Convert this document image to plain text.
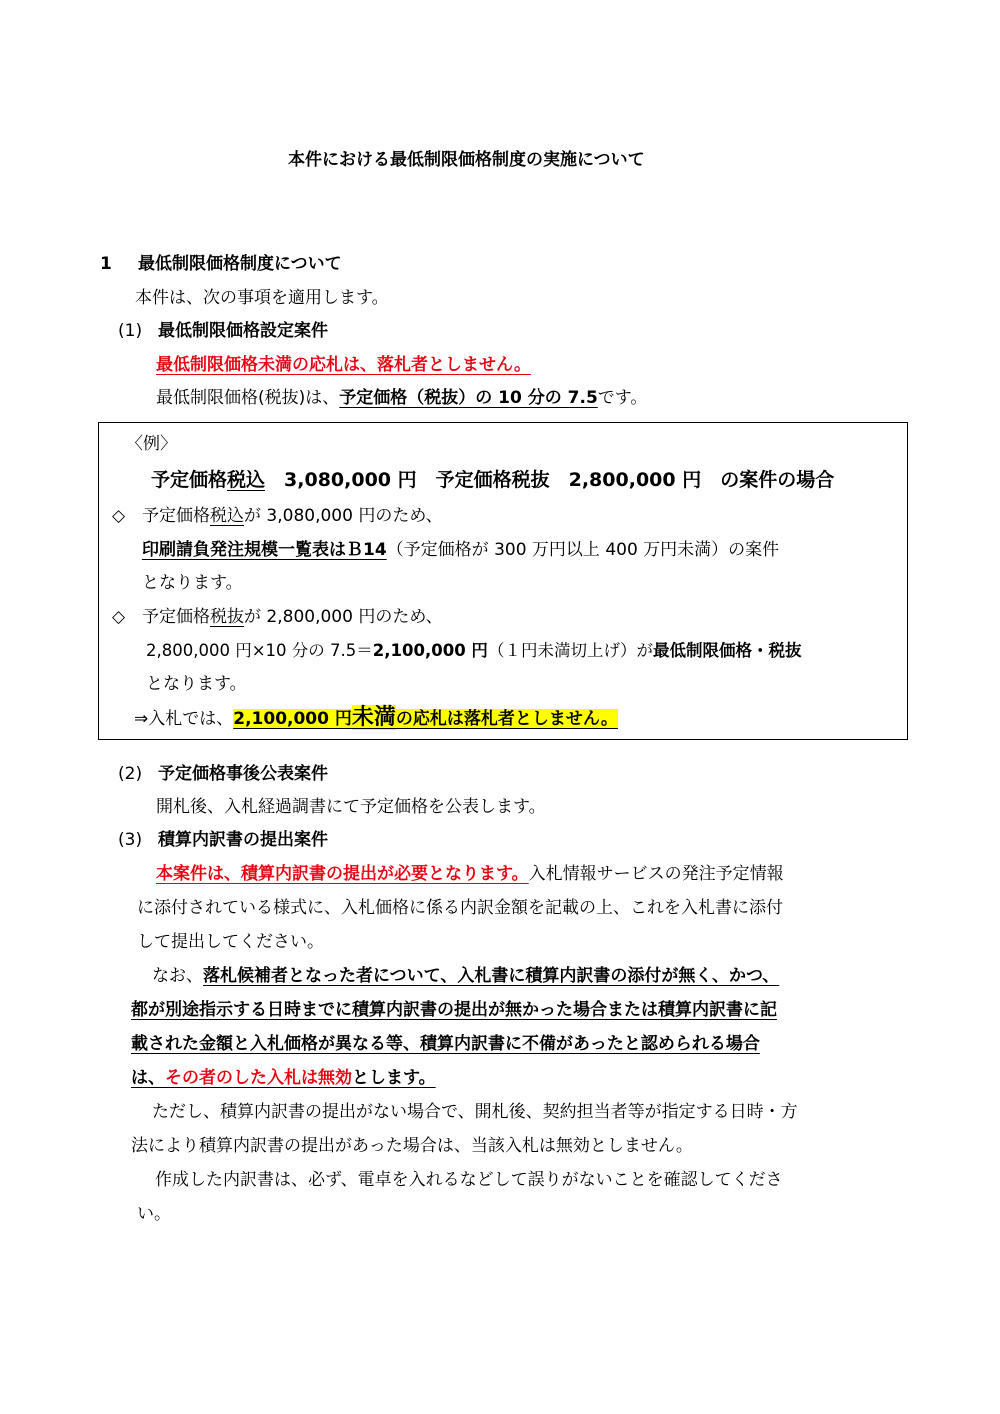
本件における最低制限価格制度の実施について
1 最低制限価格制度について
本件は、次の事項を適用します。
(1) 最低制限価格設定案件
最低制限価格未満の応札は、落札者としません。
最低制限価格(税抜)は、予定価格（税抜）の 10 分の 7.5です。
〈例〉
予定価格税込　3,080,000 円　予定価格税抜　2,800,000 円　の案件の場合
◇ 予定価格税込が 3,080,000 円のため、
印刷請負発注規模一覧表はＢ14（予定価格が 300 万円以上 400 万円未満）の案件
となります。
◇ 予定価格税抜が 2,800,000 円のため、
2,800,000 円×10 分の 7.5＝2,100,000 円（１円未満切上げ）が最低制限価格・税抜
となります。
⇒入札では、2,100,000 円未満の応札は落札者としません。
(2) 予定価格事後公表案件
開札後、入札経過調書にて予定価格を公表します。
(3) 積算内訳書の提出案件
本案件は、積算内訳書の提出が必要となります。入札情報サービスの発注予定情報
に添付されている様式に、入札価格に係る内訳金額を記載の上、これを入札書に添付
して提出してください。
なお、落札候補者となった者について、入札書に積算内訳書の添付が無く、かつ、
都が別途指示する日時までに積算内訳書の提出が無かった場合または積算内訳書に記
載された金額と入札価格が異なる等、積算内訳書に不備があったと認められる場合
は、その者のした入札は無効とします。
ただし、積算内訳書の提出がない場合で、開札後、契約担当者等が指定する日時・方
法により積算内訳書の提出があった場合は、当該入札は無効としません。
作成した内訳書は、必ず、電卓を入れるなどして誤りがないことを確認してくださ
い。
